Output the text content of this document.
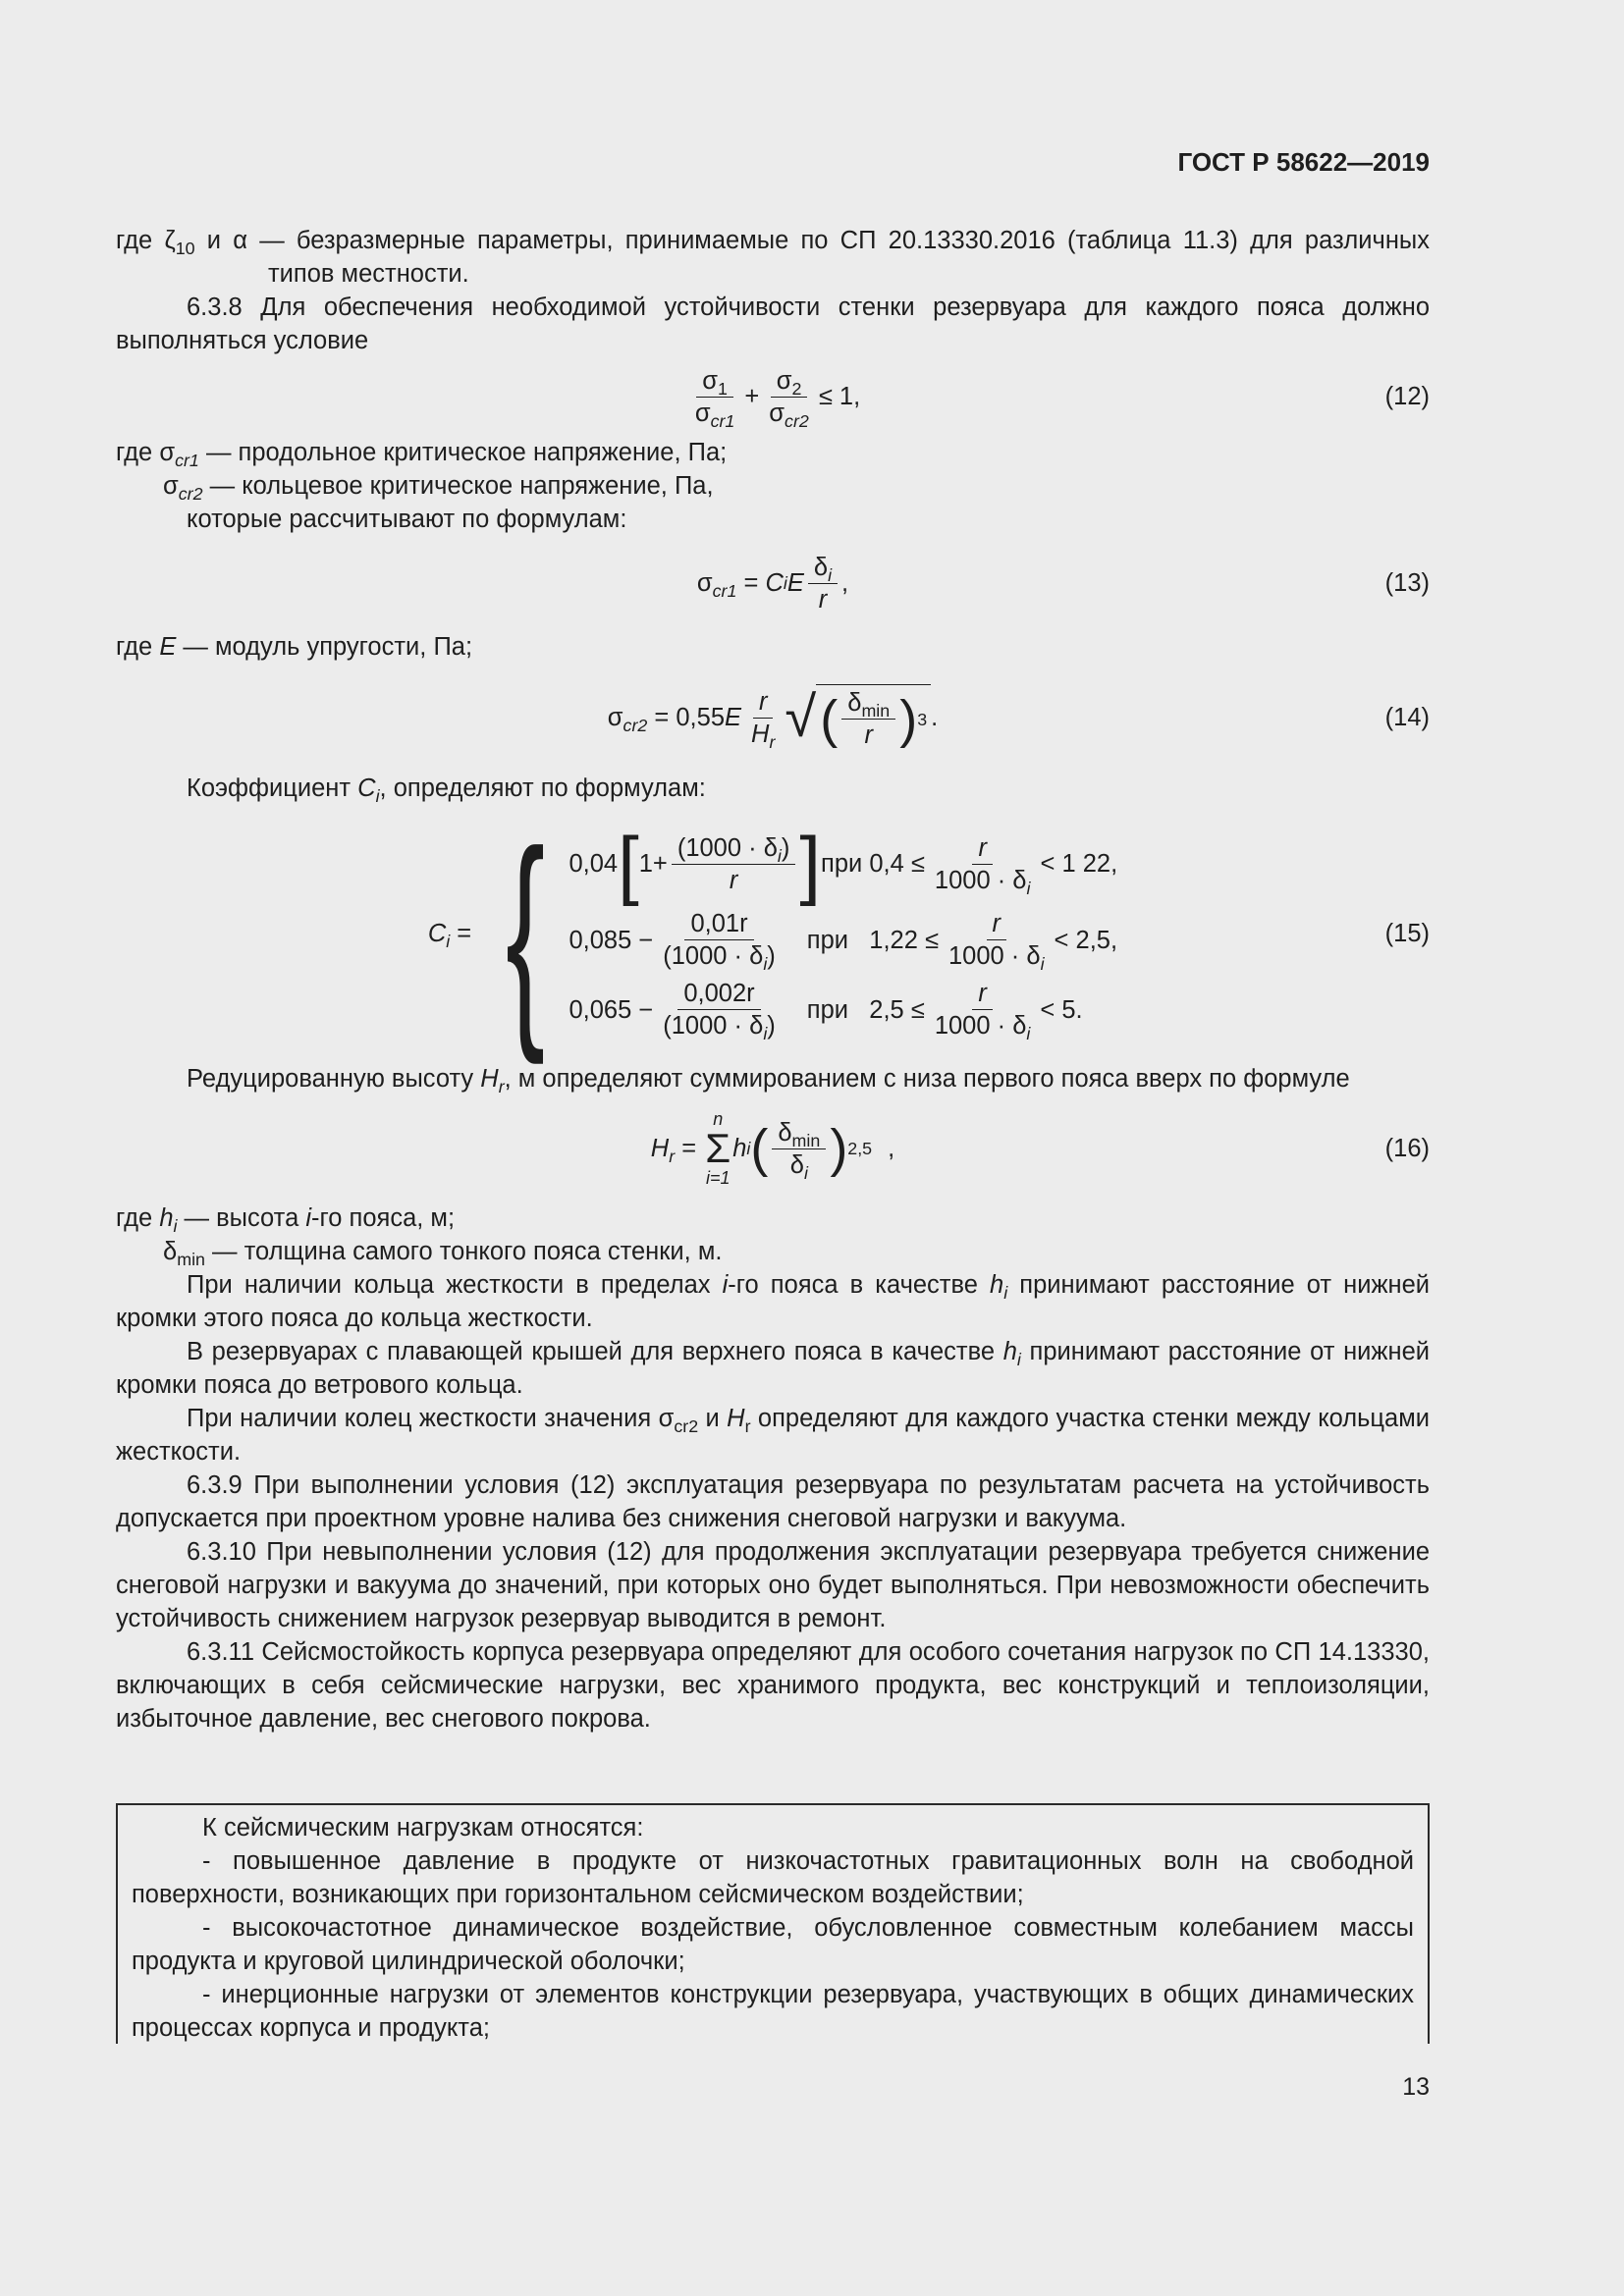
ГОСТ Р 58622—2019

где $\zeta_{10}$ и α — безразмерные параметры, принимаемые по СП 20.13330.2016 (таблица 11.3) для различных типов местности.

6.3.8 Для обеспечения необходимой устойчивости стенки резервуара для каждого пояса должно выполняться условие

$\frac{\sigma_1}{\sigma_{cr1}} + \frac{\sigma_2}{\sigma_{cr2}} \le 1$,	(12)

где $\sigma_{cr1}$ — продольное критическое напряжение, Па;

$\sigma_{cr2}$ — кольцевое критическое напряжение, Па,

которые рассчитывают по формулам:

$\sigma_{cr1} = C$ i E $\frac{\delta_i}{r}$ ,	(13)

где E — модуль упругости, Па;

$\sigma_{cr2} = 0,55$ E $\frac{r}{H_r}$ √ ( $\frac{\delta_{min}}{r}$ ) 3 .	(14)

Коэффициент $C_i$, определяют по формулам:

$C_i$ = { 0,04 [ $1+ \frac{(1000 \cdot \delta_i)}{r}$ ] при $0,4 \le \frac{r}{1000 \cdot \delta_i} < 1$ 22,
$0,085 - \frac{0,01r}{(1000 \cdot \delta_i)}$ при   $1,22 \le \frac{r}{1000 \cdot \delta_i} < 2,5$,
$0,065 - \frac{0,002r}{(1000 \cdot \delta_i)}$ при   $2,5 \le \frac{r}{1000 \cdot \delta_i} < 5$.
(15)

Редуцированную высоту $H_r$, м определяют суммированием с низа первого пояса вверх по формуле

$H_r$ =
n
Σ
i=1
h i ( $\frac{\delta_{min}}{\delta_i}$ ) 2,5 ,	(16)

где $h_i$ — высота i-го пояса, м;

$\delta_{min}$ — толщина самого тонкого пояса стенки, м.

При наличии кольца жесткости в пределах i-го пояса в качестве $h_i$ принимают расстояние от нижней кромки этого пояса до кольца жесткости.

В резервуарах с плавающей крышей для верхнего пояса в качестве $h_i$ принимают расстояние от нижней кромки пояса до ветрового кольца.

При наличии колец жесткости значения $\sigma_{cr2}$ и $H_r$ определяют для каждого участка стенки между кольцами жесткости.

6.3.9 При выполнении условия (12) эксплуатация резервуара по результатам расчета на устойчивость допускается при проектном уровне налива без снижения снеговой нагрузки и вакуума.

6.3.10 При невыполнении условия (12) для продолжения эксплуатации резервуара требуется снижение снеговой нагрузки и вакуума до значений, при которых оно будет выполняться. При невозможности обеспечить устойчивость снижением нагрузок резервуар выводится в ремонт.

6.3.11 Сейсмостойкость корпуса резервуара определяют для особого сочетания нагрузок по СП 14.13330, включающих в себя сейсмические нагрузки, вес хранимого продукта, вес конструкций и теплоизоляции, избыточное давление, вес снегового покрова.

К сейсмическим нагрузкам относятся:

- повышенное давление в продукте от низкочастотных гравитационных волн на свободной поверхности, возникающих при горизонтальном сейсмическом воздействии;

- высокочастотное динамическое воздействие, обусловленное совместным колебанием массы продукта и круговой цилиндрической оболочки;

- инерционные нагрузки от элементов конструкции резервуара, участвующих в общих динамических процессах корпуса и продукта;

13
